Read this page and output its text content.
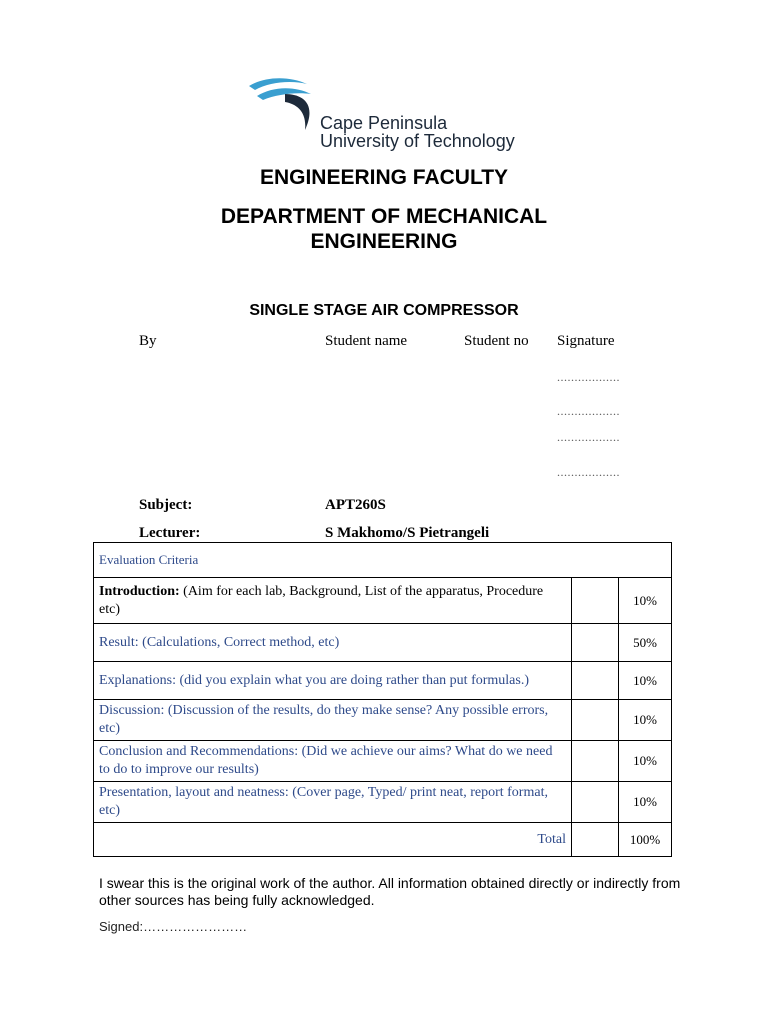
Cape Peninsula
University of Technology
ENGINEERING FACULTY
DEPARTMENT OF MECHANICAL
ENGINEERING
SINGLE STAGE AIR COMPRESSOR
By	Student name	Student no Signature
..................
..................
..................
..................
Subject:	APT260S
Lecturer:	S Makhomo/S Pietrangeli
Evaluation Criteria		
Introduction: (Aim for each lab, Background, List of the apparatus, Procedure etc)		10%
Result: (Calculations, Correct method, etc)		50%
Explanations: (did you explain what you are doing rather than put formulas.)		10%
Discussion: (Discussion of the results, do they make sense? Any possible errors, etc)		10%
Conclusion and Recommendations: (Did we achieve our aims? What do we need to do to improve our results)		10%
Presentation, layout and neatness: (Cover page, Typed/ print neat, report format, etc)		10%
Total		100%
I swear this is the original work of the author. All information obtained directly or indirectly from other sources has being fully acknowledged.
Signed:……………………
